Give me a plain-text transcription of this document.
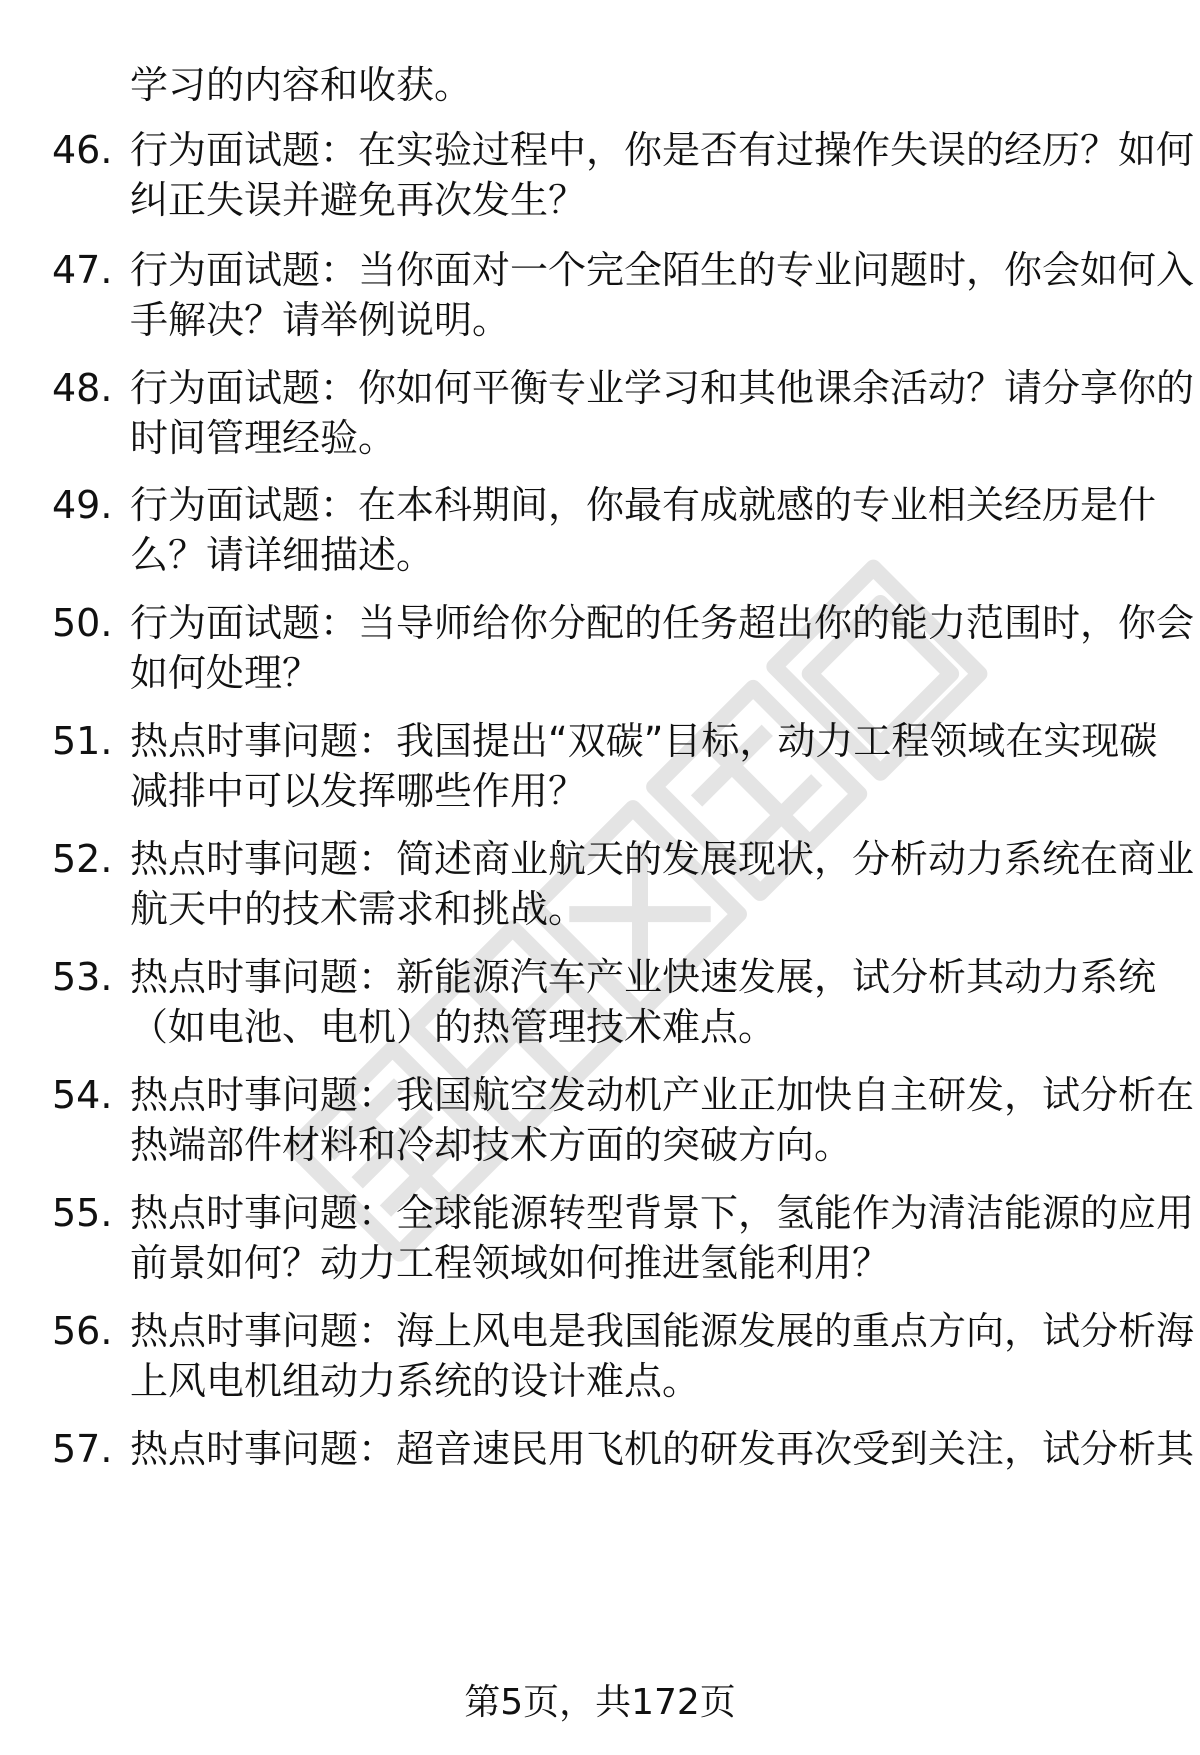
学习的内容和收获。

46. 行为面试题：在实验过程中，你是否有过操作失误的经历？如何
纠正失误并避免再次发生？

47. 行为面试题：当你面对一个完全陌生的专业问题时，你会如何入
手解决？请举例说明。

48. 行为面试题：你如何平衡专业学习和其他课余活动？请分享你的
时间管理经验。

49. 行为面试题：在本科期间，你最有成就感的专业相关经历是什
么？请详细描述。

50. 行为面试题：当导师给你分配的任务超出你的能力范围时，你会
如何处理？

51. 热点时事问题：我国提出“双碳”目标，动力工程领域在实现碳
减排中可以发挥哪些作用？

52. 热点时事问题：简述商业航天的发展现状，分析动力系统在商业
航天中的技术需求和挑战。

53. 热点时事问题：新能源汽车产业快速发展，试分析其动力系统
（如电池、电机）的热管理技术难点。

54. 热点时事问题：我国航空发动机产业正加快自主研发，试分析在
热端部件材料和冷却技术方面的突破方向。

55. 热点时事问题：全球能源转型背景下，氢能作为清洁能源的应用
前景如何？动力工程领域如何推进氢能利用？

56. 热点时事问题：海上风电是我国能源发展的重点方向，试分析海
上风电机组动力系统的设计难点。

57. 热点时事问题：超音速民用飞机的研发再次受到关注，试分析其

第5页，共172页
